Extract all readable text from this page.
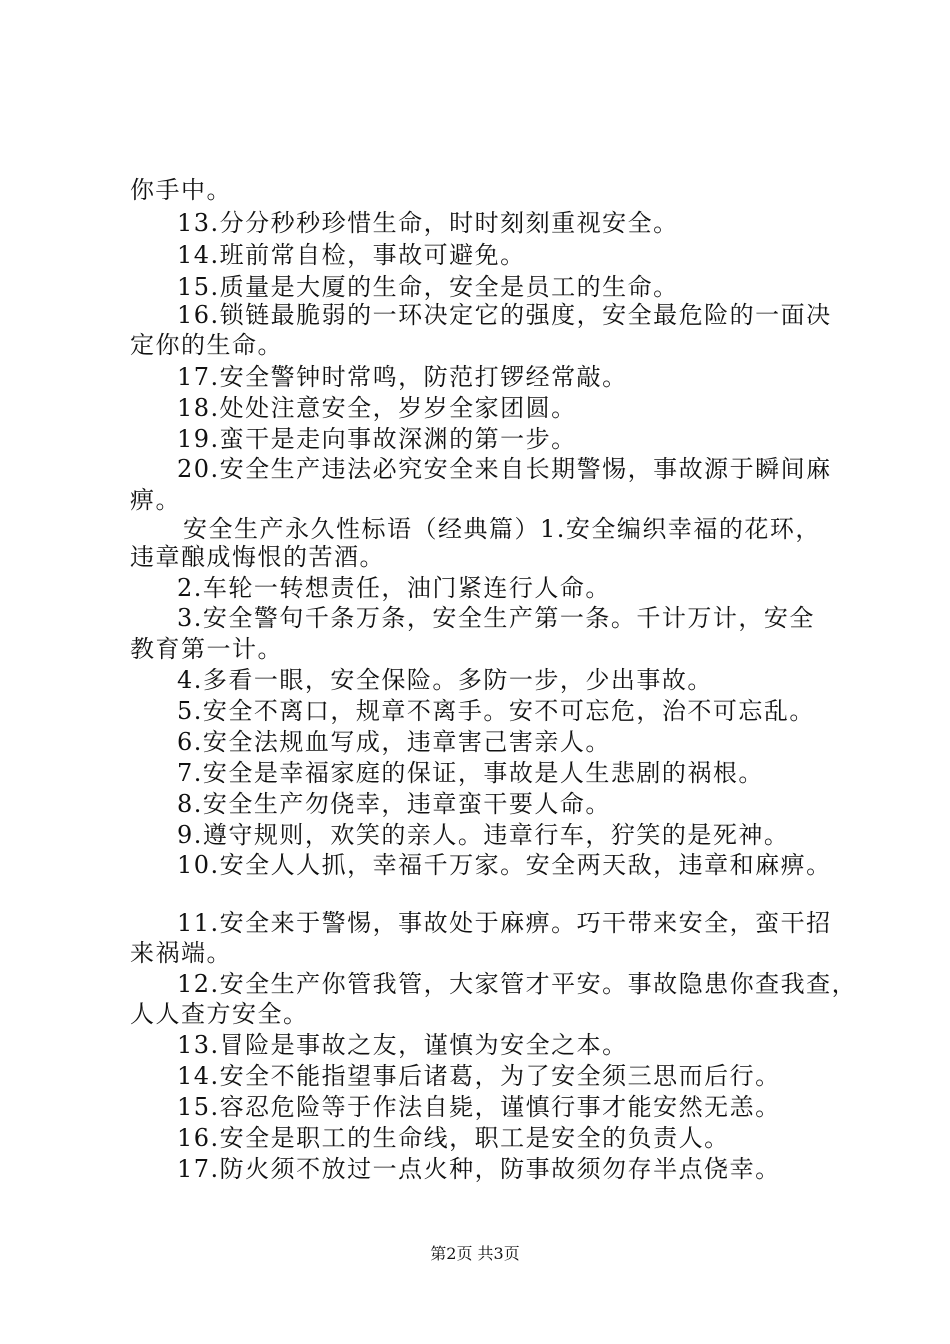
你手中。
13.分分秒秒珍惜生命，时时刻刻重视安全。
14.班前常自检，事故可避免。
15.质量是大厦的生命，安全是员工的生命。
16.锁链最脆弱的一环决定它的强度，安全最危险的一面决
定你的生命。
17.安全警钟时常鸣，防范打锣经常敲。
18.处处注意安全，岁岁全家团圆。
19.蛮干是走向事故深渊的第一步。
20.安全生产违法必究安全来自长期警惕，事故源于瞬间麻
痹。
安全生产永久性标语（经典篇）1.安全编织幸福的花环，
违章酿成悔恨的苦酒。
2.车轮一转想责任，油门紧连行人命。
3.安全警句千条万条，安全生产第一条。千计万计，安全
教育第一计。
4.多看一眼，安全保险。多防一步，少出事故。
5.安全不离口，规章不离手。安不可忘危，治不可忘乱。
6.安全法规血写成，违章害己害亲人。
7.安全是幸福家庭的保证，事故是人生悲剧的祸根。
8.安全生产勿侥幸，违章蛮干要人命。
9.遵守规则，欢笑的亲人。违章行车，狞笑的是死神。
10.安全人人抓，幸福千万家。安全两天敌，违章和麻痹。
11.安全来于警惕，事故处于麻痹。巧干带来安全，蛮干招
来祸端。
12.安全生产你管我管，大家管才平安。事故隐患你查我查，
人人查方安全。
13.冒险是事故之友，谨慎为安全之本。
14.安全不能指望事后诸葛，为了安全须三思而后行。
15.容忍危险等于作法自毙，谨慎行事才能安然无恙。
16.安全是职工的生命线，职工是安全的负责人。
17.防火须不放过一点火种，防事故须勿存半点侥幸。
第2页 共3页
